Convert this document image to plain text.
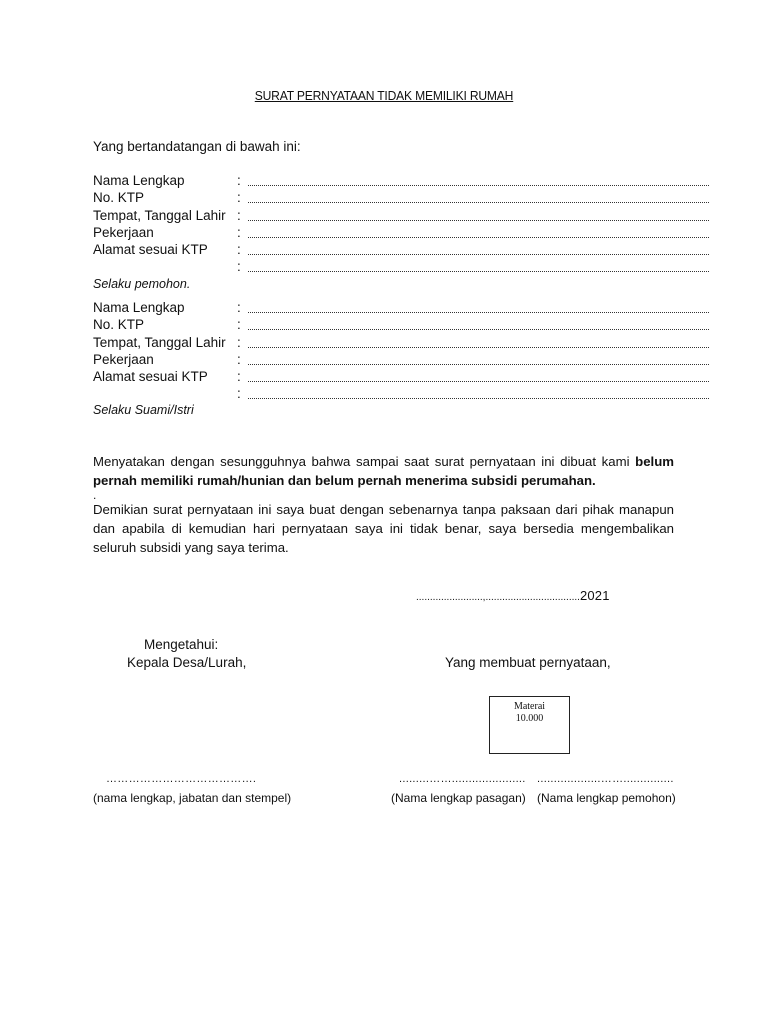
SURAT PERNYATAAN TIDAK MEMILIKI RUMAH
Yang bertandatangan di bawah ini:
Nama Lengkap	:
No. KTP	:
Tempat, Tanggal Lahir :
Pekerjaan	:
Alamat sesuai KTP :
:
Selaku pemohon.
Nama Lengkap	:
No. KTP	:
Tempat, Tanggal Lahir :
Pekerjaan	:
Alamat sesuai KTP :
:
Selaku Suami/Istri
Menyatakan dengan sesungguhnya bahwa sampai saat surat pernyataan ini dibuat kami belum pernah memiliki rumah/hunian dan belum pernah menerima subsidi perumahan.
.
Demikian surat pernyataan ini saya buat dengan sebenarnya tanpa paksaan dari pihak manapun dan apabila di kemudian hari pernyataan saya ini tidak benar, saya bersedia mengembalikan seluruh subsidi yang saya terima.
........................,..................................2021
Mengetahui:
Kepala Desa/Lurah,	Yang membuat pernyataan,
Materai
10.000
………………………………….	.........……...................... ...................……...............
(nama lengkap, jabatan dan stempel)	(Nama lengkap pasagan) (Nama lengkap pemohon)
